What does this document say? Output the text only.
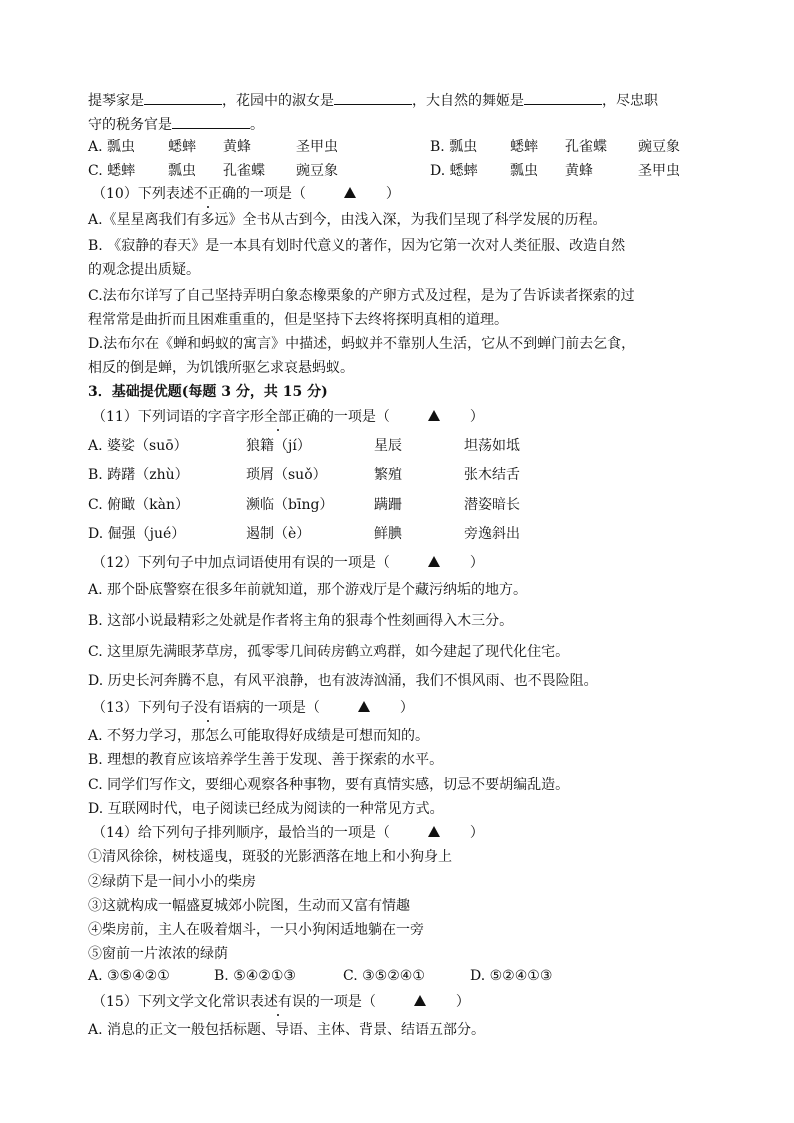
提琴家是	，花园中的淑女是	，大自然的舞姬是	，尽忠职
守的税务官是	。
A. 瓢虫 蟋蟀 黄蜂	圣甲虫	B. 瓢虫 蟋蟀 孔雀蝶 豌豆象
C. 蟋蟀 瓢虫 孔雀蝶 豌豆象	D. 蟋蟀 瓢虫 黄蜂	圣甲虫
（10）下列表述不正确的一项是（	）
A.《星星离我们有多远》全书从古到今，由浅入深，为我们呈现了科学发展的历程。
B. 《寂静的春天》是一本具有划时代意义的著作，因为它第一次对人类征服、改造自然
的观念提出质疑。
C.法布尔详写了自己坚持弄明白象态橡栗象的产卵方式及过程，是为了告诉读者探索的过
程常常是曲折而且困难重重的，但是坚持下去终将探明真相的道理。
D.法布尔在《蝉和蚂蚁的寓言》中描述，蚂蚁并不靠别人生活，它从不到蝉门前去乞食，
相反的倒是蝉，为饥饿所驱乞求哀悬蚂蚁。
3．基础提优题(每题 3 分，共 15 分)
（11）下列词语的字音字形全部正确的一项是（	）
A. 婆娑（suō）	狼籍（jí）	星辰	坦荡如坻
B. 踌躇（zhù）	琐屑（suǒ）	繁殖	张木结舌
C. 俯瞰（kàn）	濒临（bīng）	蹒跚	潜姿暗长
D. 倔强（jué）	遏制（è）	鲜腆	旁逸斜出
（12）下列句子中加点词语使用有误的一项是（	）
A. 那个卧底警察在很多年前就知道，那个游戏厅是个藏污纳垢的地方。
B. 这部小说最精彩之处就是作者将主角的狠毒个性刻画得入木三分。
C. 这里原先满眼茅草房，孤零零几间砖房鹤立鸡群，如今建起了现代化住宅。
D. 历史长河奔腾不息，有风平浪静，也有波涛汹涌，我们不惧风雨、也不畏险阻。
（13）下列句子没有语病的一项是（	）
A. 不努力学习，那怎么可能取得好成绩是可想而知的。
B. 理想的教育应该培养学生善于发现、善于探索的水平。
C. 同学们写作文，要细心观察各种事物，要有真情实感，切忌不要胡编乱造。
D. 互联网时代，电子阅读已经成为阅读的一种常见方式。
（14）给下列句子排列顺序，最恰当的一项是（	）
①清风徐徐，树枝遥曳，斑驳的光影洒落在地上和小狗身上
②绿荫下是一间小小的柴房
③这就构成一幅盛夏城郊小院图，生动而又富有情趣
④柴房前，主人在吸着烟斗，一只小狗闲适地躺在一旁
⑤窗前一片浓浓的绿荫
A. ③⑤④②①	B. ⑤④②①③	C. ③⑤②④①	D. ⑤②④①③
（15）下列文学文化常识表述有误的一项是（	）
A. 消息的正文一般包括标题、导语、主体、背景、结语五部分。
